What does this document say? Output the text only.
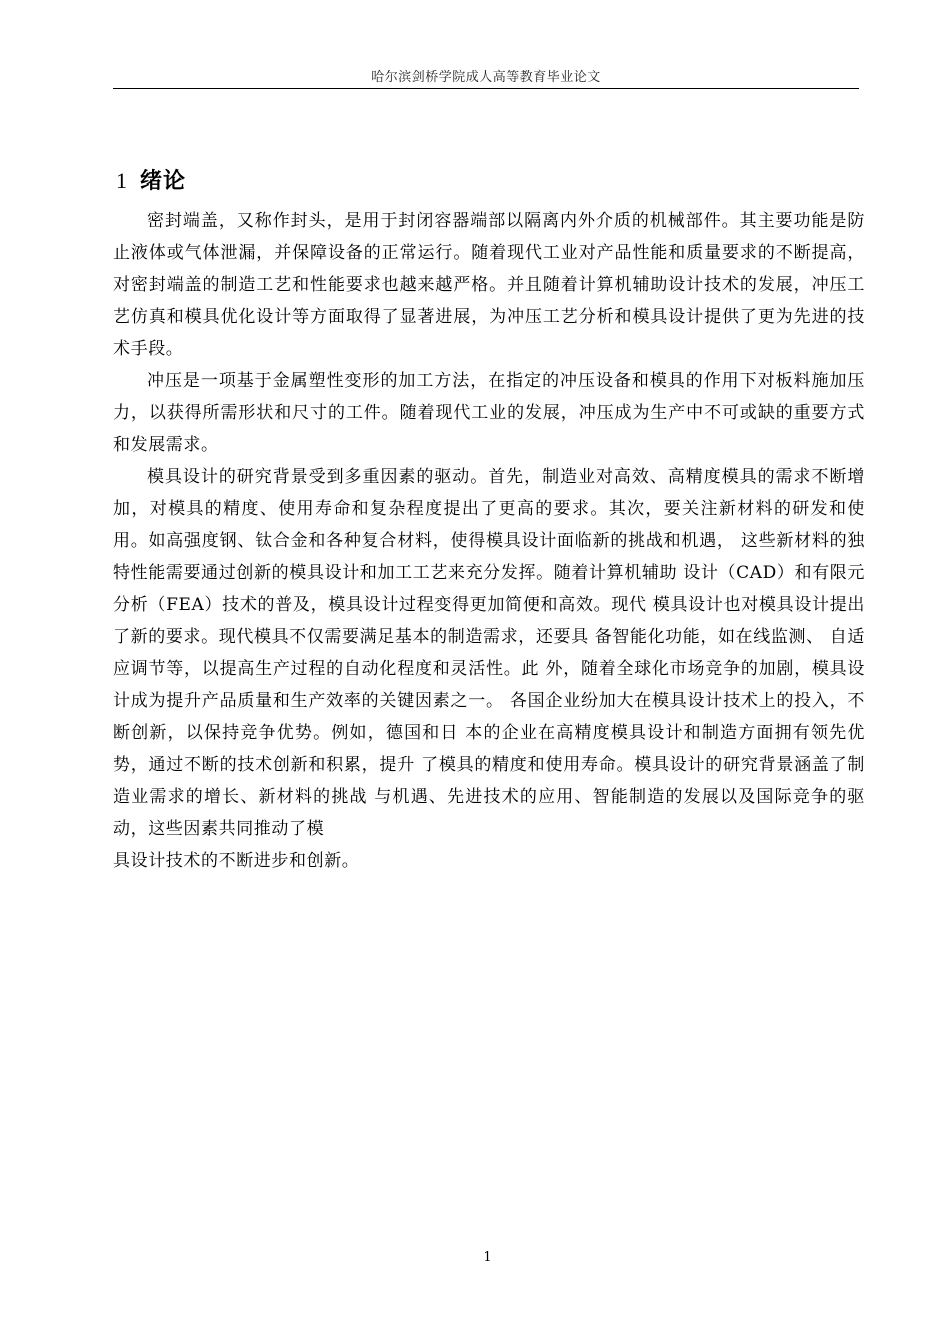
哈尔滨剑桥学院成人高等教育毕业论文
1 绪论

密封端盖，又称作封头，是用于封闭容器端部以隔离内外介质的机械部件。其主要功能是防止液体或气体泄漏，并保障设备的正常运行。随着现代工业对产品性能和质量要求的不断提高，对密封端盖的制造工艺和性能要求也越来越严格。并且随着计算机辅助设计技术的发展，冲压工艺仿真和模具优化设计等方面取得了显著进展，为冲压工艺分析和模具设计提供了更为先进的技术手段。

冲压是一项基于金属塑性变形的加工方法，在指定的冲压设备和模具的作用下对板料施加压力，以获得所需形状和尺寸的工件。随着现代工业的发展，冲压成为生产中不可或缺的重要方式和发展需求。

模具设计的研究背景受到多重因素的驱动。首先，制造业对高效、高精度模具的需求不断增加，对模具的精度、使用寿命和复杂程度提出了更高的要求。其次，要关注新材料的研发和使用。如高强度钢、钛合金和各种复合材料，使得模具设计面临新的挑战和机遇， 这些新材料的独特性能需要通过创新的模具设计和加工工艺来充分发挥。随着计算机辅助 设计（CAD）和有限元分析（FEA）技术的普及，模具设计过程变得更加简便和高效。现代 模具设计也对模具设计提出了新的要求。现代模具不仅需要满足基本的制造需求，还要具 备智能化功能，如在线监测、 自适应调节等，以提高生产过程的自动化程度和灵活性。此 外，随着全球化市场竞争的加剧，模具设计成为提升产品质量和生产效率的关键因素之一。 各国企业纷加大在模具设计技术上的投入，不断创新，以保持竞争优势。例如，德国和日 本的企业在高精度模具设计和制造方面拥有领先优势，通过不断的技术创新和积累，提升 了模具的精度和使用寿命。模具设计的研究背景涵盖了制造业需求的增长、新材料的挑战 与机遇、先进技术的应用、智能制造的发展以及国际竞争的驱动，这些因素共同推动了模

具设计技术的不断进步和创新。

1
